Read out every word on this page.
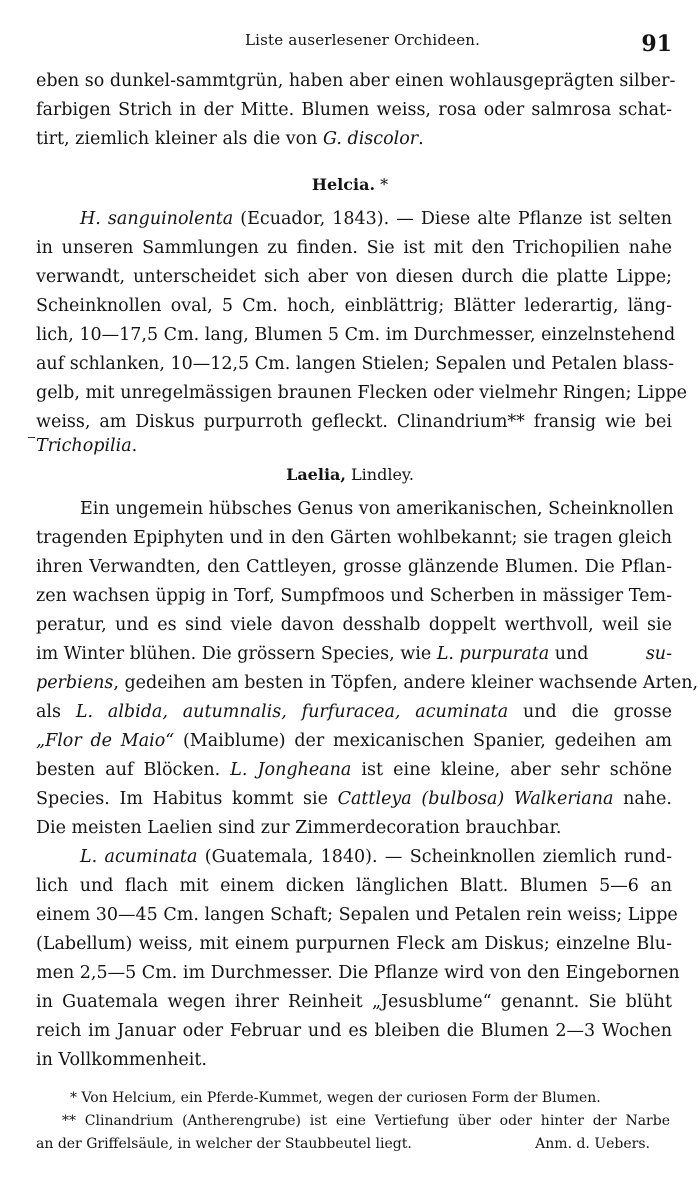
Liste auserlesener Orchideen.	91
eben so dunkel-sammtgrün, haben aber einen wohlausgeprägten silber-
farbigen Strich in der Mitte. Blumen weiss, rosa oder salmrosa schat-
tirt, ziemlich kleiner als die von G. discolor.
Helcia. *
H. sanguinolenta (Ecuador, 1843). — Diese alte Pflanze ist selten
in unseren Sammlungen zu finden. Sie ist mit den Trichopilien nahe
verwandt, unterscheidet sich aber von diesen durch die platte Lippe;
Scheinknollen oval, 5 Cm. hoch, einblättrig; Blätter lederartig, läng-
lich, 10—17,5 Cm. lang, Blumen 5 Cm. im Durchmesser, einzelnstehend
auf schlanken, 10—12,5 Cm. langen Stielen; Sepalen und Petalen blass-
gelb, mit unregelmässigen braunen Flecken oder vielmehr Ringen; Lippe
weiss, am Diskus purpurroth gefleckt. Clinandrium** fransig wie bei
Trichopilia.
Laelia, Lindley.
Ein ungemein hübsches Genus von amerikanischen, Scheinknollen
tragenden Epiphyten und in den Gärten wohlbekannt; sie tragen gleich
ihren Verwandten, den Cattleyen, grosse glänzende Blumen. Die Pflan-
zen wachsen üppig in Torf, Sumpfmoos und Scherben in mässiger Tem-
peratur, und es sind viele davon desshalb doppelt werthvoll, weil sie
im Winter blühen. Die grössern Species, wie L. purpurata und	su-
perbiens, gedeihen am besten in Töpfen, andere kleiner wachsende Arten,
als L. albida, autumnalis, furfuracea, acuminata und die grosse
„Flor de Maio“ (Maiblume) der mexicanischen Spanier, gedeihen am
besten auf Blöcken. L. Jongheana ist eine kleine, aber sehr schöne
Species. Im Habitus kommt sie Cattleya (bulbosa) Walkeriana nahe.
Die meisten Laelien sind zur Zimmerdecoration brauchbar.
L. acuminata (Guatemala, 1840). — Scheinknollen ziemlich rund-
lich und flach mit einem dicken länglichen Blatt. Blumen 5—6 an
einem 30—45 Cm. langen Schaft; Sepalen und Petalen rein weiss; Lippe
(Labellum) weiss, mit einem purpurnen Fleck am Diskus; einzelne Blu-
men 2,5—5 Cm. im Durchmesser. Die Pflanze wird von den Eingebornen
in Guatemala wegen ihrer Reinheit „Jesusblume“ genannt. Sie blüht
reich im Januar oder Februar und es bleiben die Blumen 2—3 Wochen
in Vollkommenheit.
* Von Helcium, ein Pferde-Kummet, wegen der curiosen Form der Blumen.
** Clinandrium (Antherengrube) ist eine Vertiefung über oder hinter der Narbe
an der Griffelsäule, in welcher der Staubbeutel liegt.	Anm. d. Uebers.
